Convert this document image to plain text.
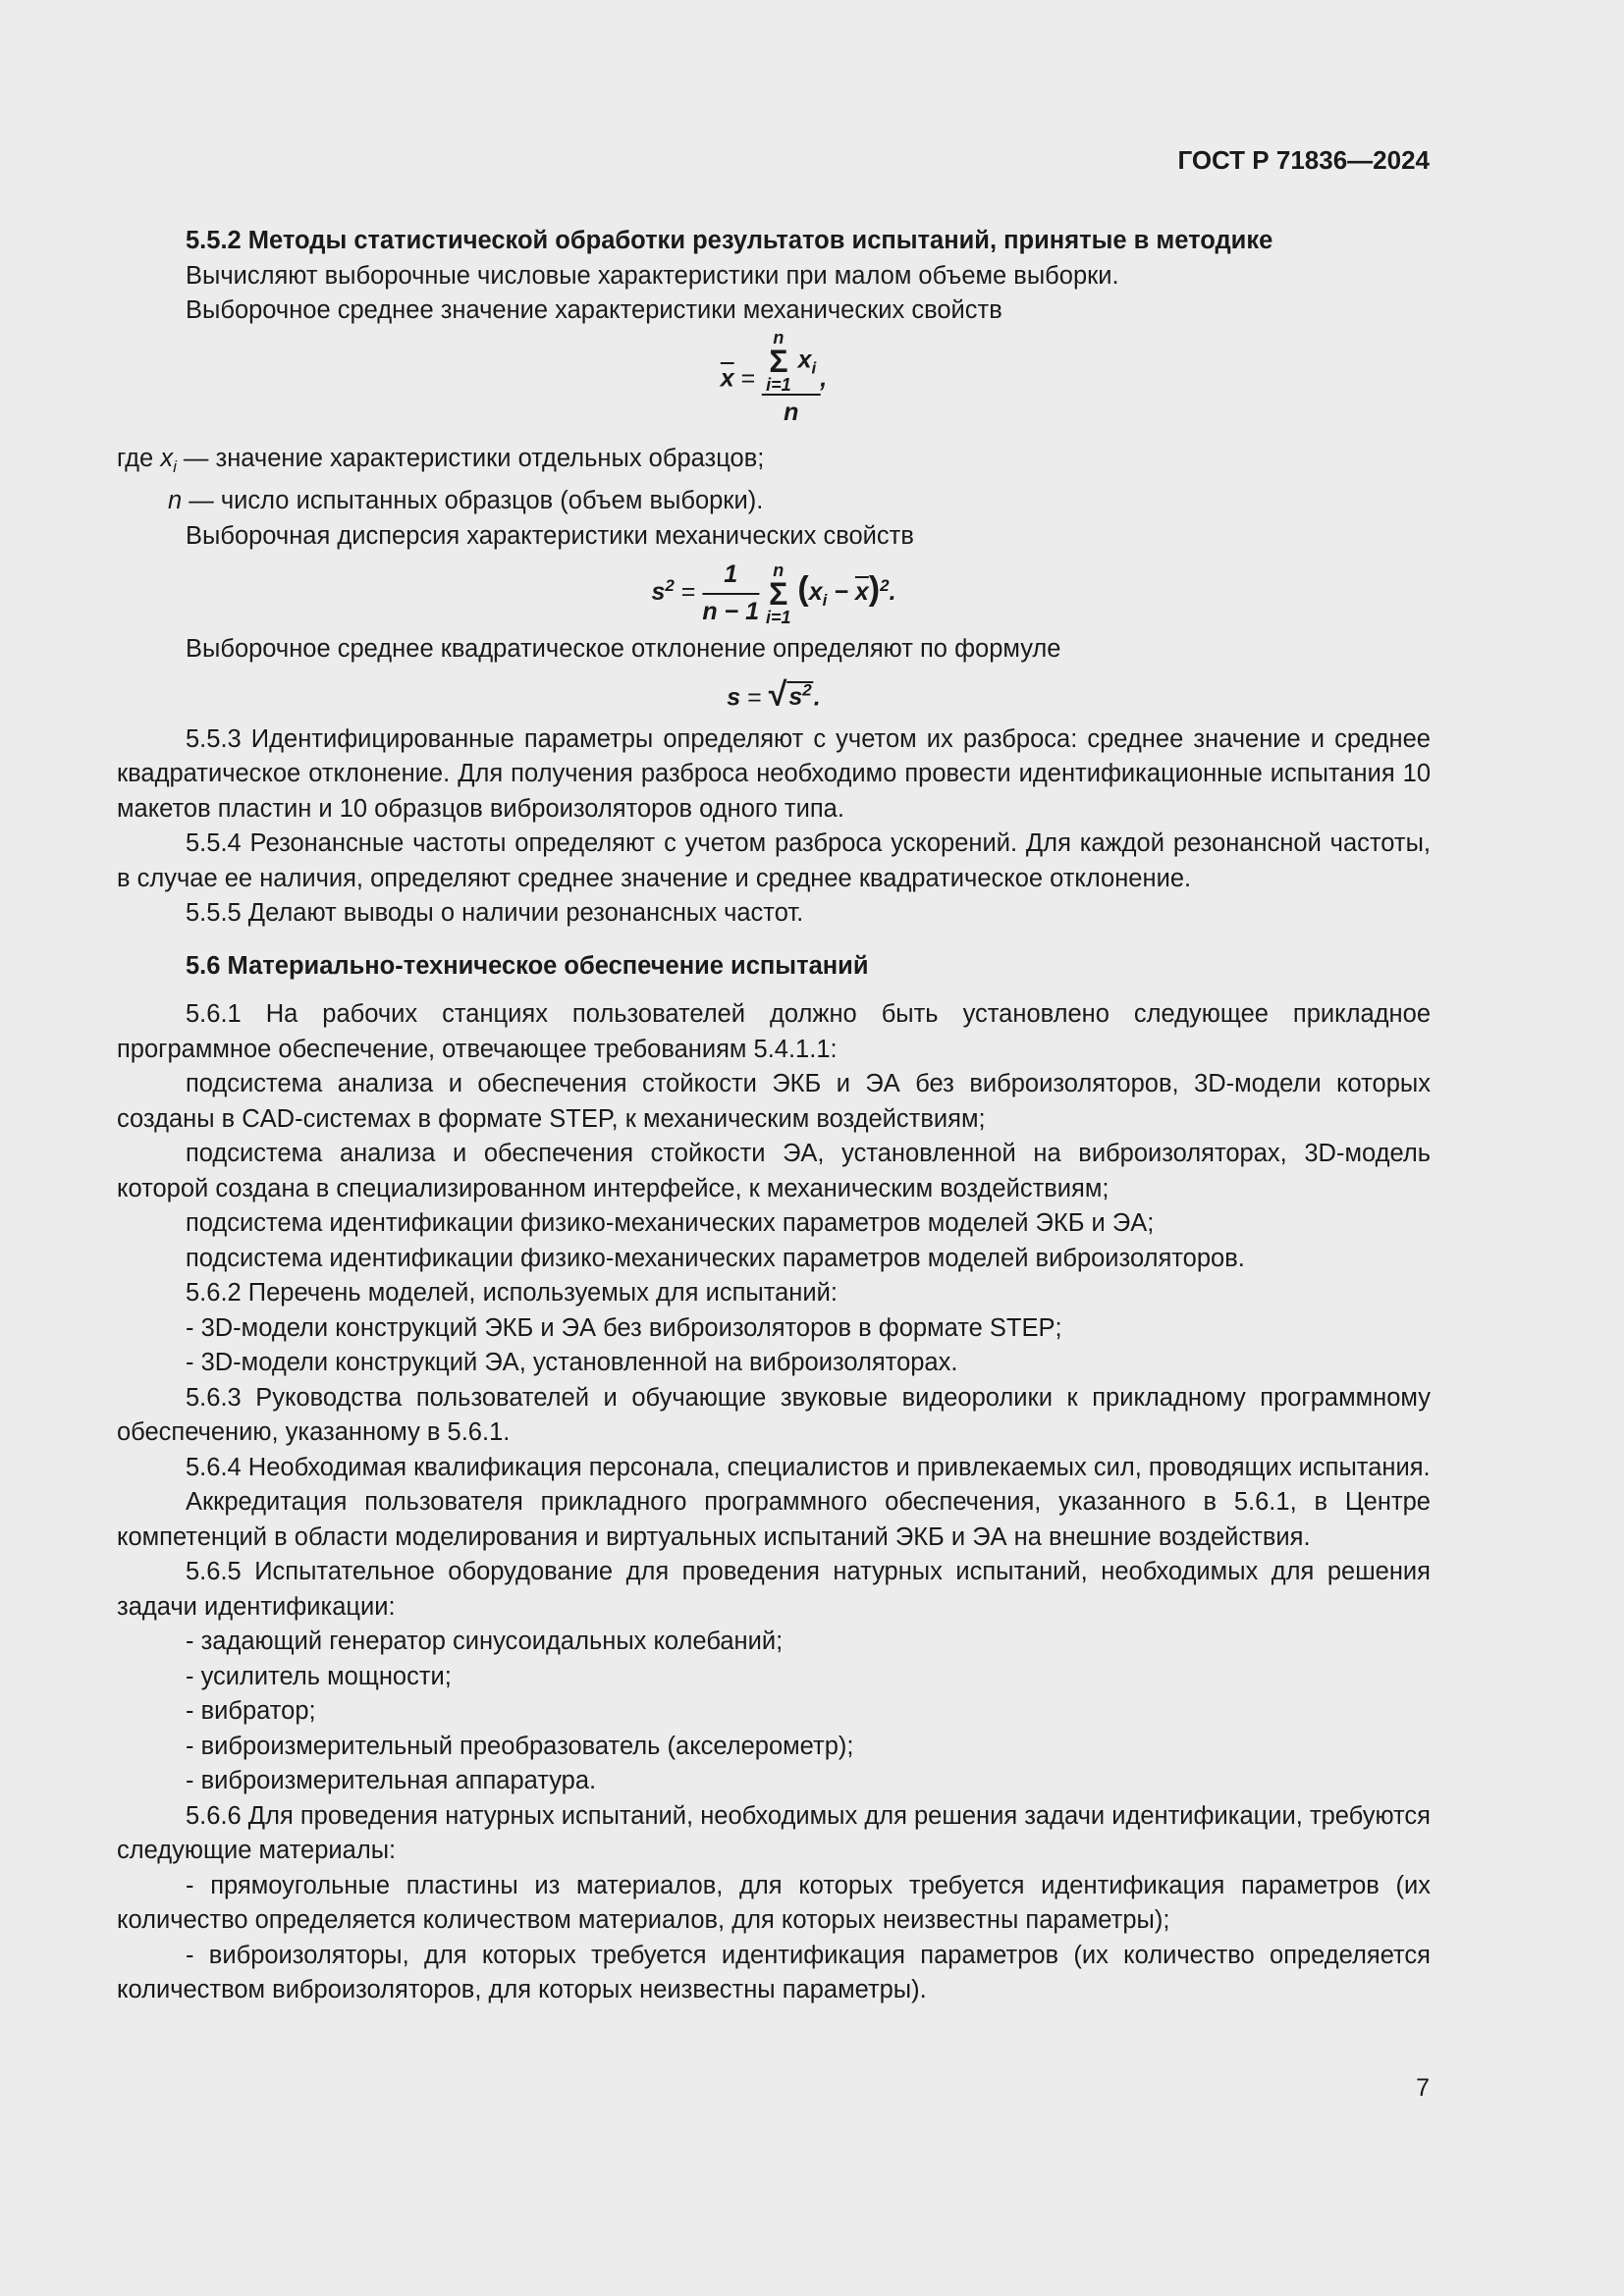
ГОСТ Р 71836—2024

5.5.2 Методы статистической обработки результатов испытаний, принятые в методике

Вычисляют выборочные числовые характеристики при малом объеме выборки.

Выборочное среднее значение характеристики механических свойств

$\overline{x}$ =
n
Σ
i=1 $x_i$
n
,

где $x_i$ — значение характеристики отдельных образцов;

n — число испытанных образцов (объем выборки).

Выборочная дисперсия характеристики механических свойств

$s^2 = \frac{1}{n - 1}$ n
Σ
i=1 $(x_i - \overline{x})^2$.

Выборочное среднее квадратическое отклонение определяют по формуле

$s = √s^2$.

5.5.3 Идентифицированные параметры определяют с учетом их разброса: среднее значение и среднее квадратическое отклонение. Для получения разброса необходимо провести идентификационные испытания 10 макетов пластин и 10 образцов виброизоляторов одного типа.

5.5.4 Резонансные частоты определяют с учетом разброса ускорений. Для каждой резонансной частоты, в случае ее наличия, определяют среднее значение и среднее квадратическое отклонение.

5.5.5 Делают выводы о наличии резонансных частот.

5.6 Материально-техническое обеспечение испытаний

5.6.1 На рабочих станциях пользователей должно быть установлено следующее прикладное программное обеспечение, отвечающее требованиям 5.4.1.1:

подсистема анализа и обеспечения стойкости ЭКБ и ЭА без виброизоляторов, 3D-модели которых созданы в CAD-системах в формате STEP, к механическим воздействиям;

подсистема анализа и обеспечения стойкости ЭА, установленной на виброизоляторах, 3D-модель которой создана в специализированном интерфейсе, к механическим воздействиям;

подсистема идентификации физико-механических параметров моделей ЭКБ и ЭА;

подсистема идентификации физико-механических параметров моделей виброизоляторов.

5.6.2 Перечень моделей, используемых для испытаний:

- 3D-модели конструкций ЭКБ и ЭА без виброизоляторов в формате STEP;

- 3D-модели конструкций ЭА, установленной на виброизоляторах.

5.6.3 Руководства пользователей и обучающие звуковые видеоролики к прикладному программному обеспечению, указанному в 5.6.1.

5.6.4 Необходимая квалификация персонала, специалистов и привлекаемых сил, проводящих испытания.

Аккредитация пользователя прикладного программного обеспечения, указанного в 5.6.1, в Центре компетенций в области моделирования и виртуальных испытаний ЭКБ и ЭА на внешние воздействия.

5.6.5 Испытательное оборудование для проведения натурных испытаний, необходимых для решения задачи идентификации:

- задающий генератор синусоидальных колебаний;

- усилитель мощности;

- вибратор;

- виброизмерительный преобразователь (акселерометр);

- виброизмерительная аппаратура.

5.6.6 Для проведения натурных испытаний, необходимых для решения задачи идентификации, требуются следующие материалы:

- прямоугольные пластины из материалов, для которых требуется идентификация параметров (их количество определяется количеством материалов, для которых неизвестны параметры);

- виброизоляторы, для которых требуется идентификация параметров (их количество определяется количеством виброизоляторов, для которых неизвестны параметры).

7
